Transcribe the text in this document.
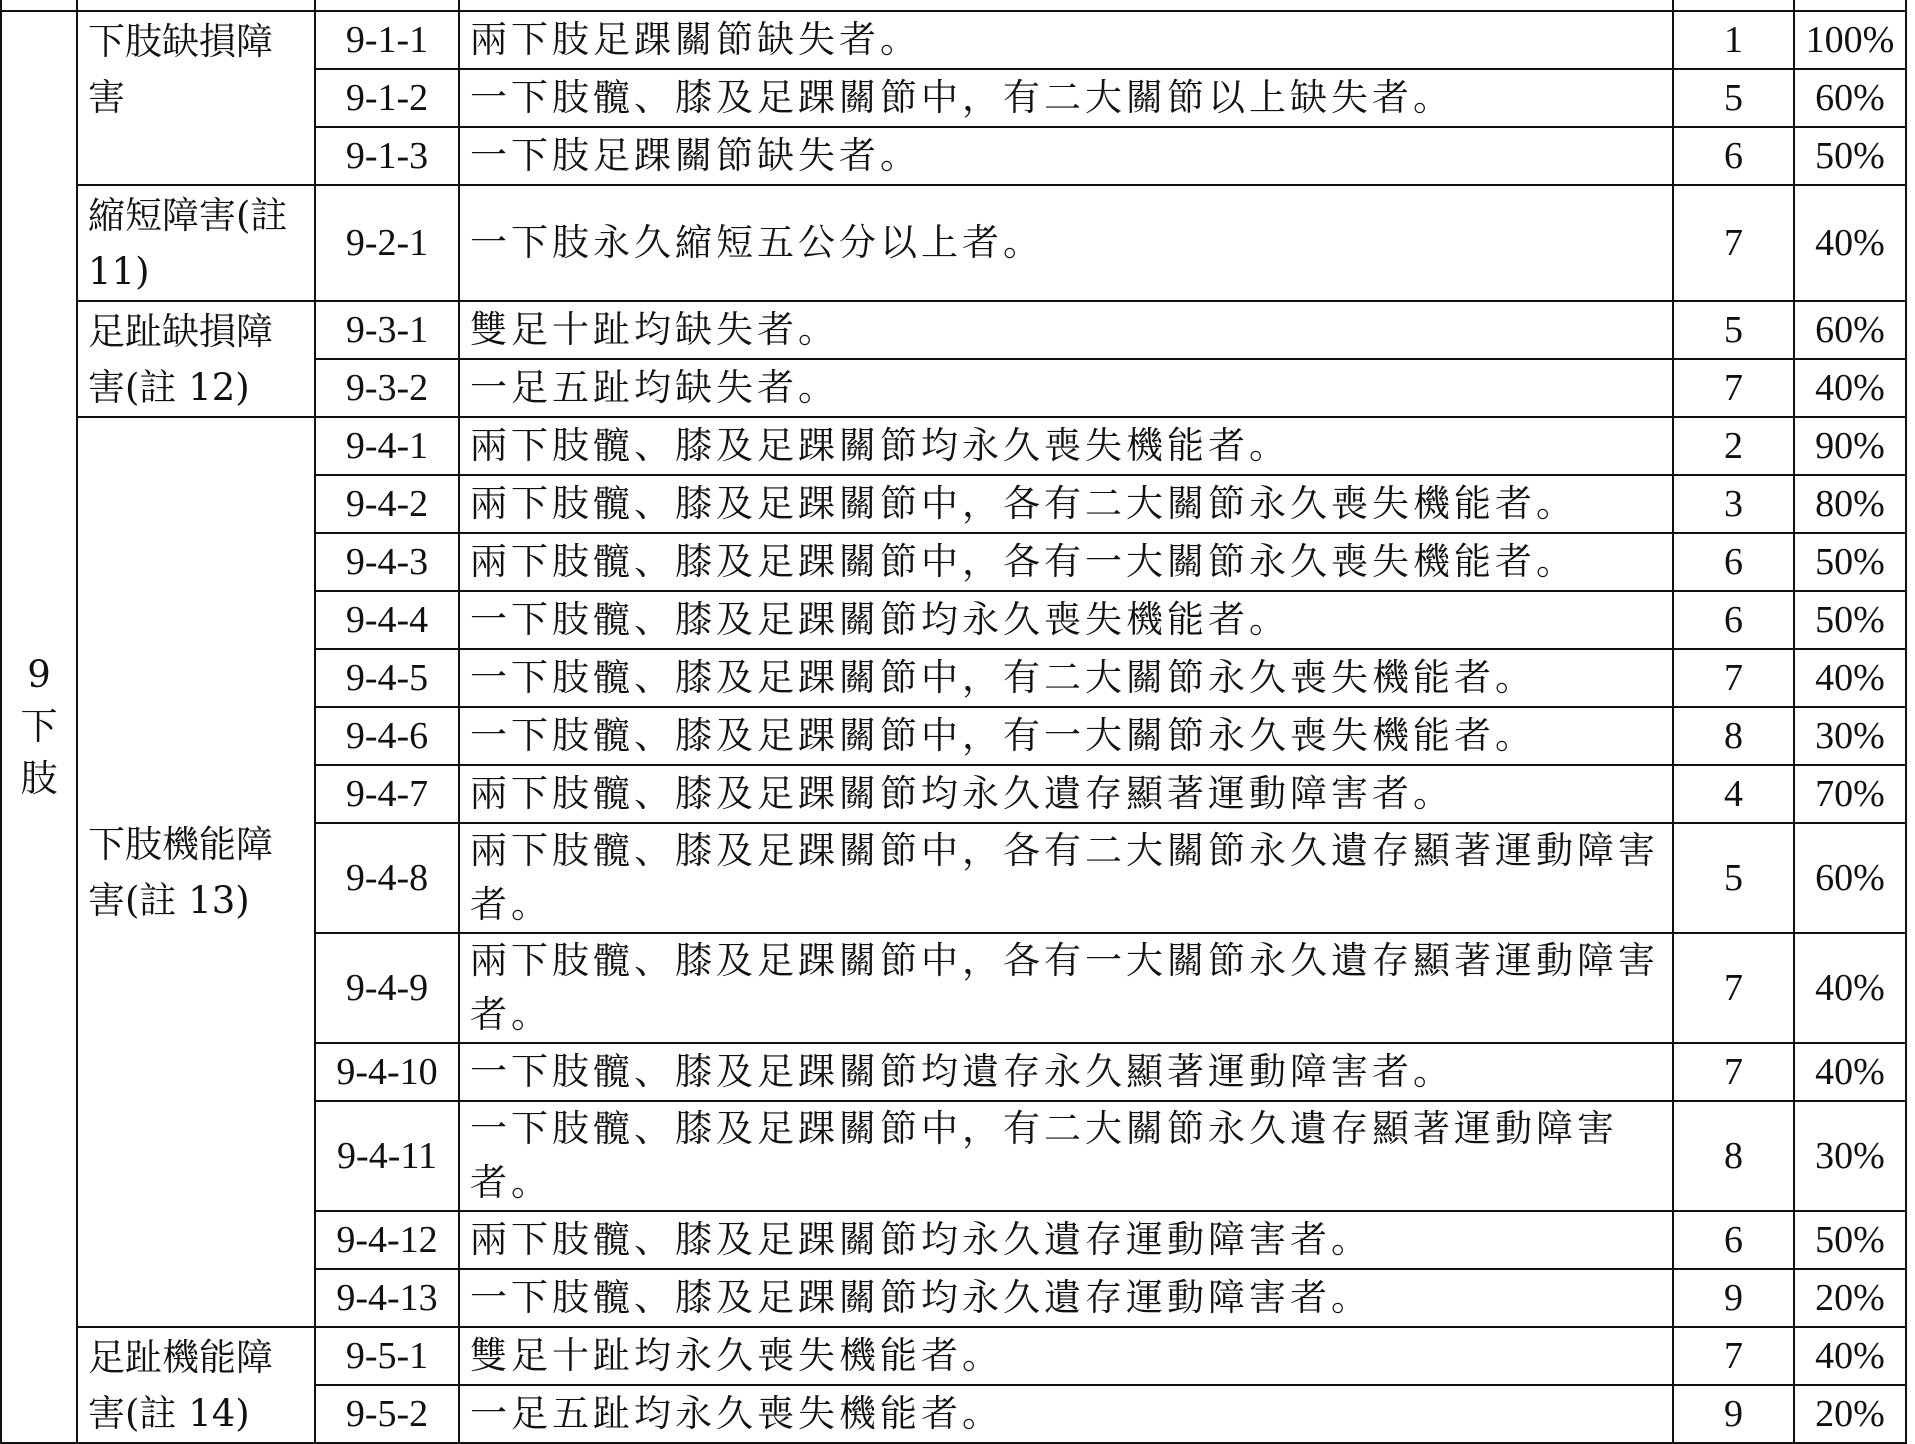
9
下
肢	下肢缺損障害	9-1-1	兩下肢足踝關節缺失者。	1	100%
		9-1-2	一下肢髖、膝及足踝關節中，有二大關節以上缺失者。	5	60%
		9-1-3	一下肢足踝關節缺失者。	6	50%
	縮短障害(註 11)	9-2-1	一下肢永久縮短五公分以上者。	7	40%
	足趾缺損障害(註 12)	9-3-1	雙足十趾均缺失者。	5	60%
		9-3-2	一足五趾均缺失者。	7	40%
	下肢機能障害(註 13)	9-4-1	兩下肢髖、膝及足踝關節均永久喪失機能者。	2	90%
		9-4-2	兩下肢髖、膝及足踝關節中，各有二大關節永久喪失機能者。	3	80%
		9-4-3	兩下肢髖、膝及足踝關節中，各有一大關節永久喪失機能者。	6	50%
		9-4-4	一下肢髖、膝及足踝關節均永久喪失機能者。	6	50%
		9-4-5	一下肢髖、膝及足踝關節中，有二大關節永久喪失機能者。	7	40%
		9-4-6	一下肢髖、膝及足踝關節中，有一大關節永久喪失機能者。	8	30%
		9-4-7	兩下肢髖、膝及足踝關節均永久遺存顯著運動障害者。	4	70%
		9-4-8	兩下肢髖、膝及足踝關節中，各有二大關節永久遺存顯著運動障害者。	5	60%
		9-4-9	兩下肢髖、膝及足踝關節中，各有一大關節永久遺存顯著運動障害者。	7	40%
		9-4-10	一下肢髖、膝及足踝關節均遺存永久顯著運動障害者。	7	40%
		9-4-11	一下肢髖、膝及足踝關節中，有二大關節永久遺存顯著運動障害者。	8	30%
		9-4-12	兩下肢髖、膝及足踝關節均永久遺存運動障害者。	6	50%
		9-4-13	一下肢髖、膝及足踝關節均永久遺存運動障害者。	9	20%
	足趾機能障害(註 14)	9-5-1	雙足十趾均永久喪失機能者。	7	40%
		9-5-2	一足五趾均永久喪失機能者。	9	20%
